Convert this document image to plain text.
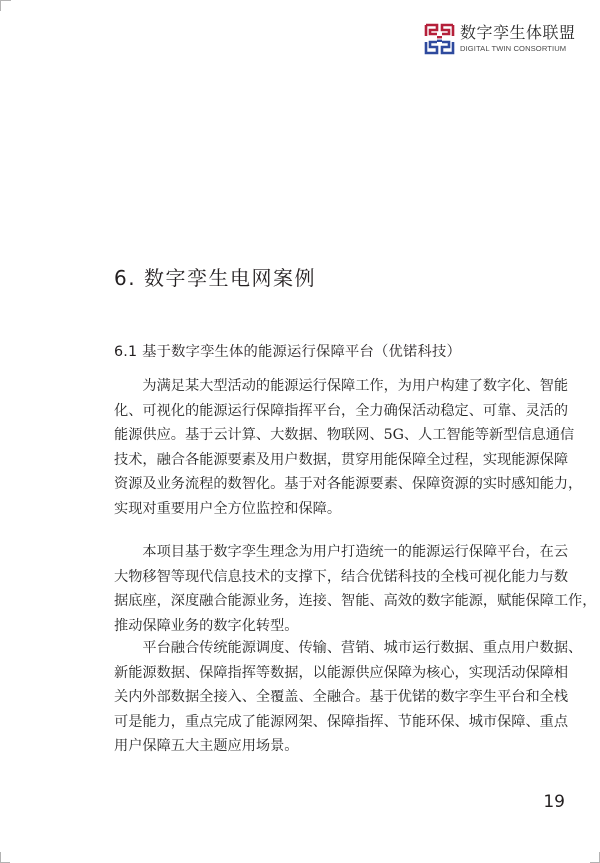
数字孪生体联盟
DIGITAL TWIN CONSORTIUM
6. 数字孪生电网案例
6.1 基于数字孪生体的能源运行保障平台（优锘科技）

　　为满足某大型活动的能源运行保障工作，为用户构建了数字化、智能
化、可视化的能源运行保障指挥平台，全力确保活动稳定、可靠、灵活的
能源供应。基于云计算、大数据、物联网、5G、人工智能等新型信息通信
技术，融合各能源要素及用户数据，贯穿用能保障全过程，实现能源保障
资源及业务流程的数智化。基于对各能源要素、保障资源的实时感知能力，
实现对重要用户全方位监控和保障。

　　本项目基于数字孪生理念为用户打造统一的能源运行保障平台，在云
大物移智等现代信息技术的支撑下，结合优锘科技的全栈可视化能力与数
据底座，深度融合能源业务，连接、智能、高效的数字能源，赋能保障工作，
推动保障业务的数字化转型。

　　平台融合传统能源调度、传输、营销、城市运行数据、重点用户数据、
新能源数据、保障指挥等数据，以能源供应保障为核心，实现活动保障相
关内外部数据全接入、全覆盖、全融合。基于优锘的数字孪生平台和全栈
可是能力，重点完成了能源网架、保障指挥、节能环保、城市保障、重点
用户保障五大主题应用场景。

19
